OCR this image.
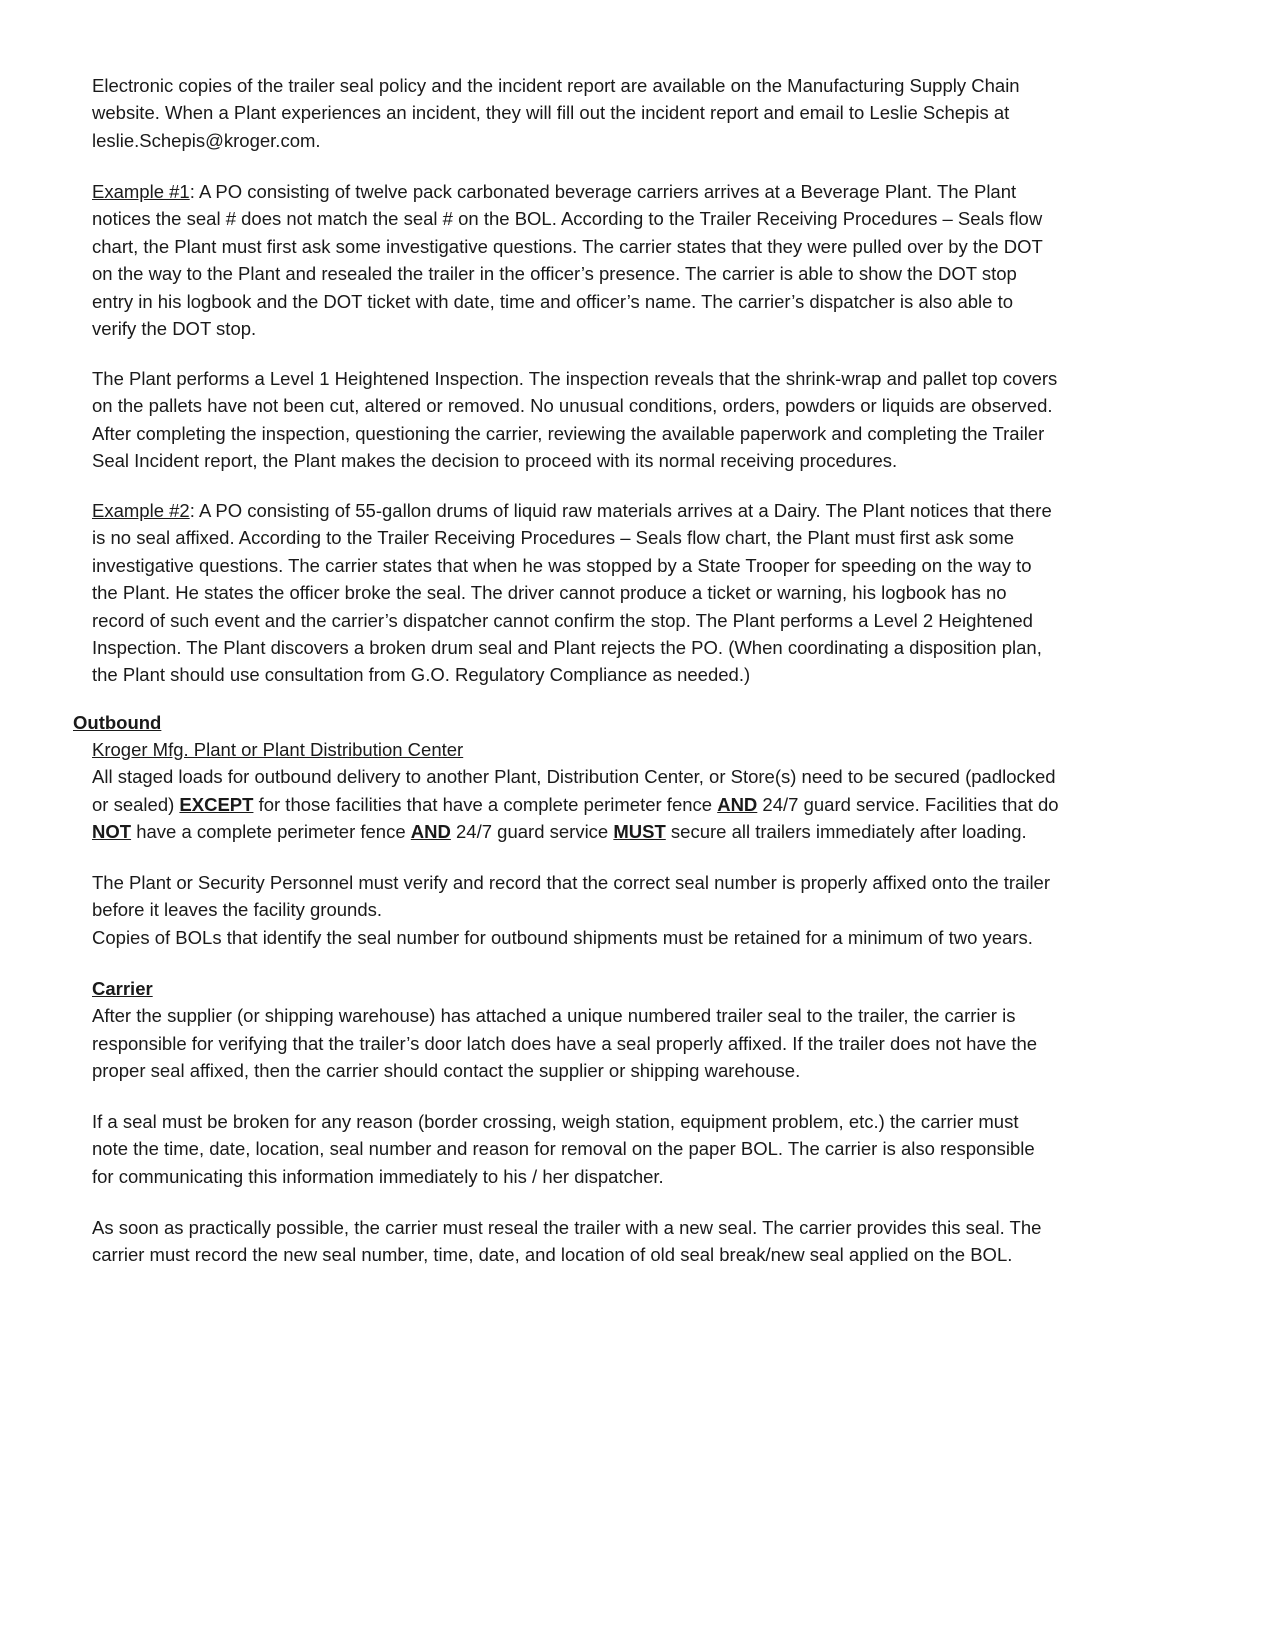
Electronic copies of the trailer seal policy and the incident report are available on the Manufacturing Supply Chain
website. When a Plant experiences an incident, they will fill out the incident report and email to Leslie Schepis at
leslie.Schepis@kroger.com.
Example #1: A PO consisting of twelve pack carbonated beverage carriers arrives at a Beverage Plant. The Plant
notices the seal # does not match the seal # on the BOL. According to the Trailer Receiving Procedures – Seals flow
chart, the Plant must first ask some investigative questions. The carrier states that they were pulled over by the DOT
on the way to the Plant and resealed the trailer in the officer’s presence. The carrier is able to show the DOT stop
entry in his logbook and the DOT ticket with date, time and officer’s name. The carrier’s dispatcher is also able to
verify the DOT stop.
The Plant performs a Level 1 Heightened Inspection. The inspection reveals that the shrink-wrap and pallet top covers
on the pallets have not been cut, altered or removed. No unusual conditions, orders, powders or liquids are observed.
After completing the inspection, questioning the carrier, reviewing the available paperwork and completing the Trailer
Seal Incident report, the Plant makes the decision to proceed with its normal receiving procedures.
Example #2: A PO consisting of 55-gallon drums of liquid raw materials arrives at a Dairy. The Plant notices that there
is no seal affixed. According to the Trailer Receiving Procedures – Seals flow chart, the Plant must first ask some
investigative questions. The carrier states that when he was stopped by a State Trooper for speeding on the way to
the Plant. He states the officer broke the seal. The driver cannot produce a ticket or warning, his logbook has no
record of such event and the carrier’s dispatcher cannot confirm the stop. The Plant performs a Level 2 Heightened
Inspection. The Plant discovers a broken drum seal and Plant rejects the PO. (When coordinating a disposition plan,
the Plant should use consultation from G.O. Regulatory Compliance as needed.)
Outbound
Kroger Mfg. Plant or Plant Distribution Center
All staged loads for outbound delivery to another Plant, Distribution Center, or Store(s) need to be secured (padlocked
or sealed) EXCEPT for those facilities that have a complete perimeter fence AND 24/7 guard service. Facilities that do
NOT have a complete perimeter fence AND 24/7 guard service MUST secure all trailers immediately after loading.
The Plant or Security Personnel must verify and record that the correct seal number is properly affixed onto the trailer
before it leaves the facility grounds.
Copies of BOLs that identify the seal number for outbound shipments must be retained for a minimum of two years.
Carrier
After the supplier (or shipping warehouse) has attached a unique numbered trailer seal to the trailer, the carrier is
responsible for verifying that the trailer’s door latch does have a seal properly affixed. If the trailer does not have the
proper seal affixed, then the carrier should contact the supplier or shipping warehouse.
If a seal must be broken for any reason (border crossing, weigh station, equipment problem, etc.) the carrier must
note the time, date, location, seal number and reason for removal on the paper BOL. The carrier is also responsible
for communicating this information immediately to his / her dispatcher.
As soon as practically possible, the carrier must reseal the trailer with a new seal. The carrier provides this seal. The
carrier must record the new seal number, time, date, and location of old seal break/new seal applied on the BOL.
